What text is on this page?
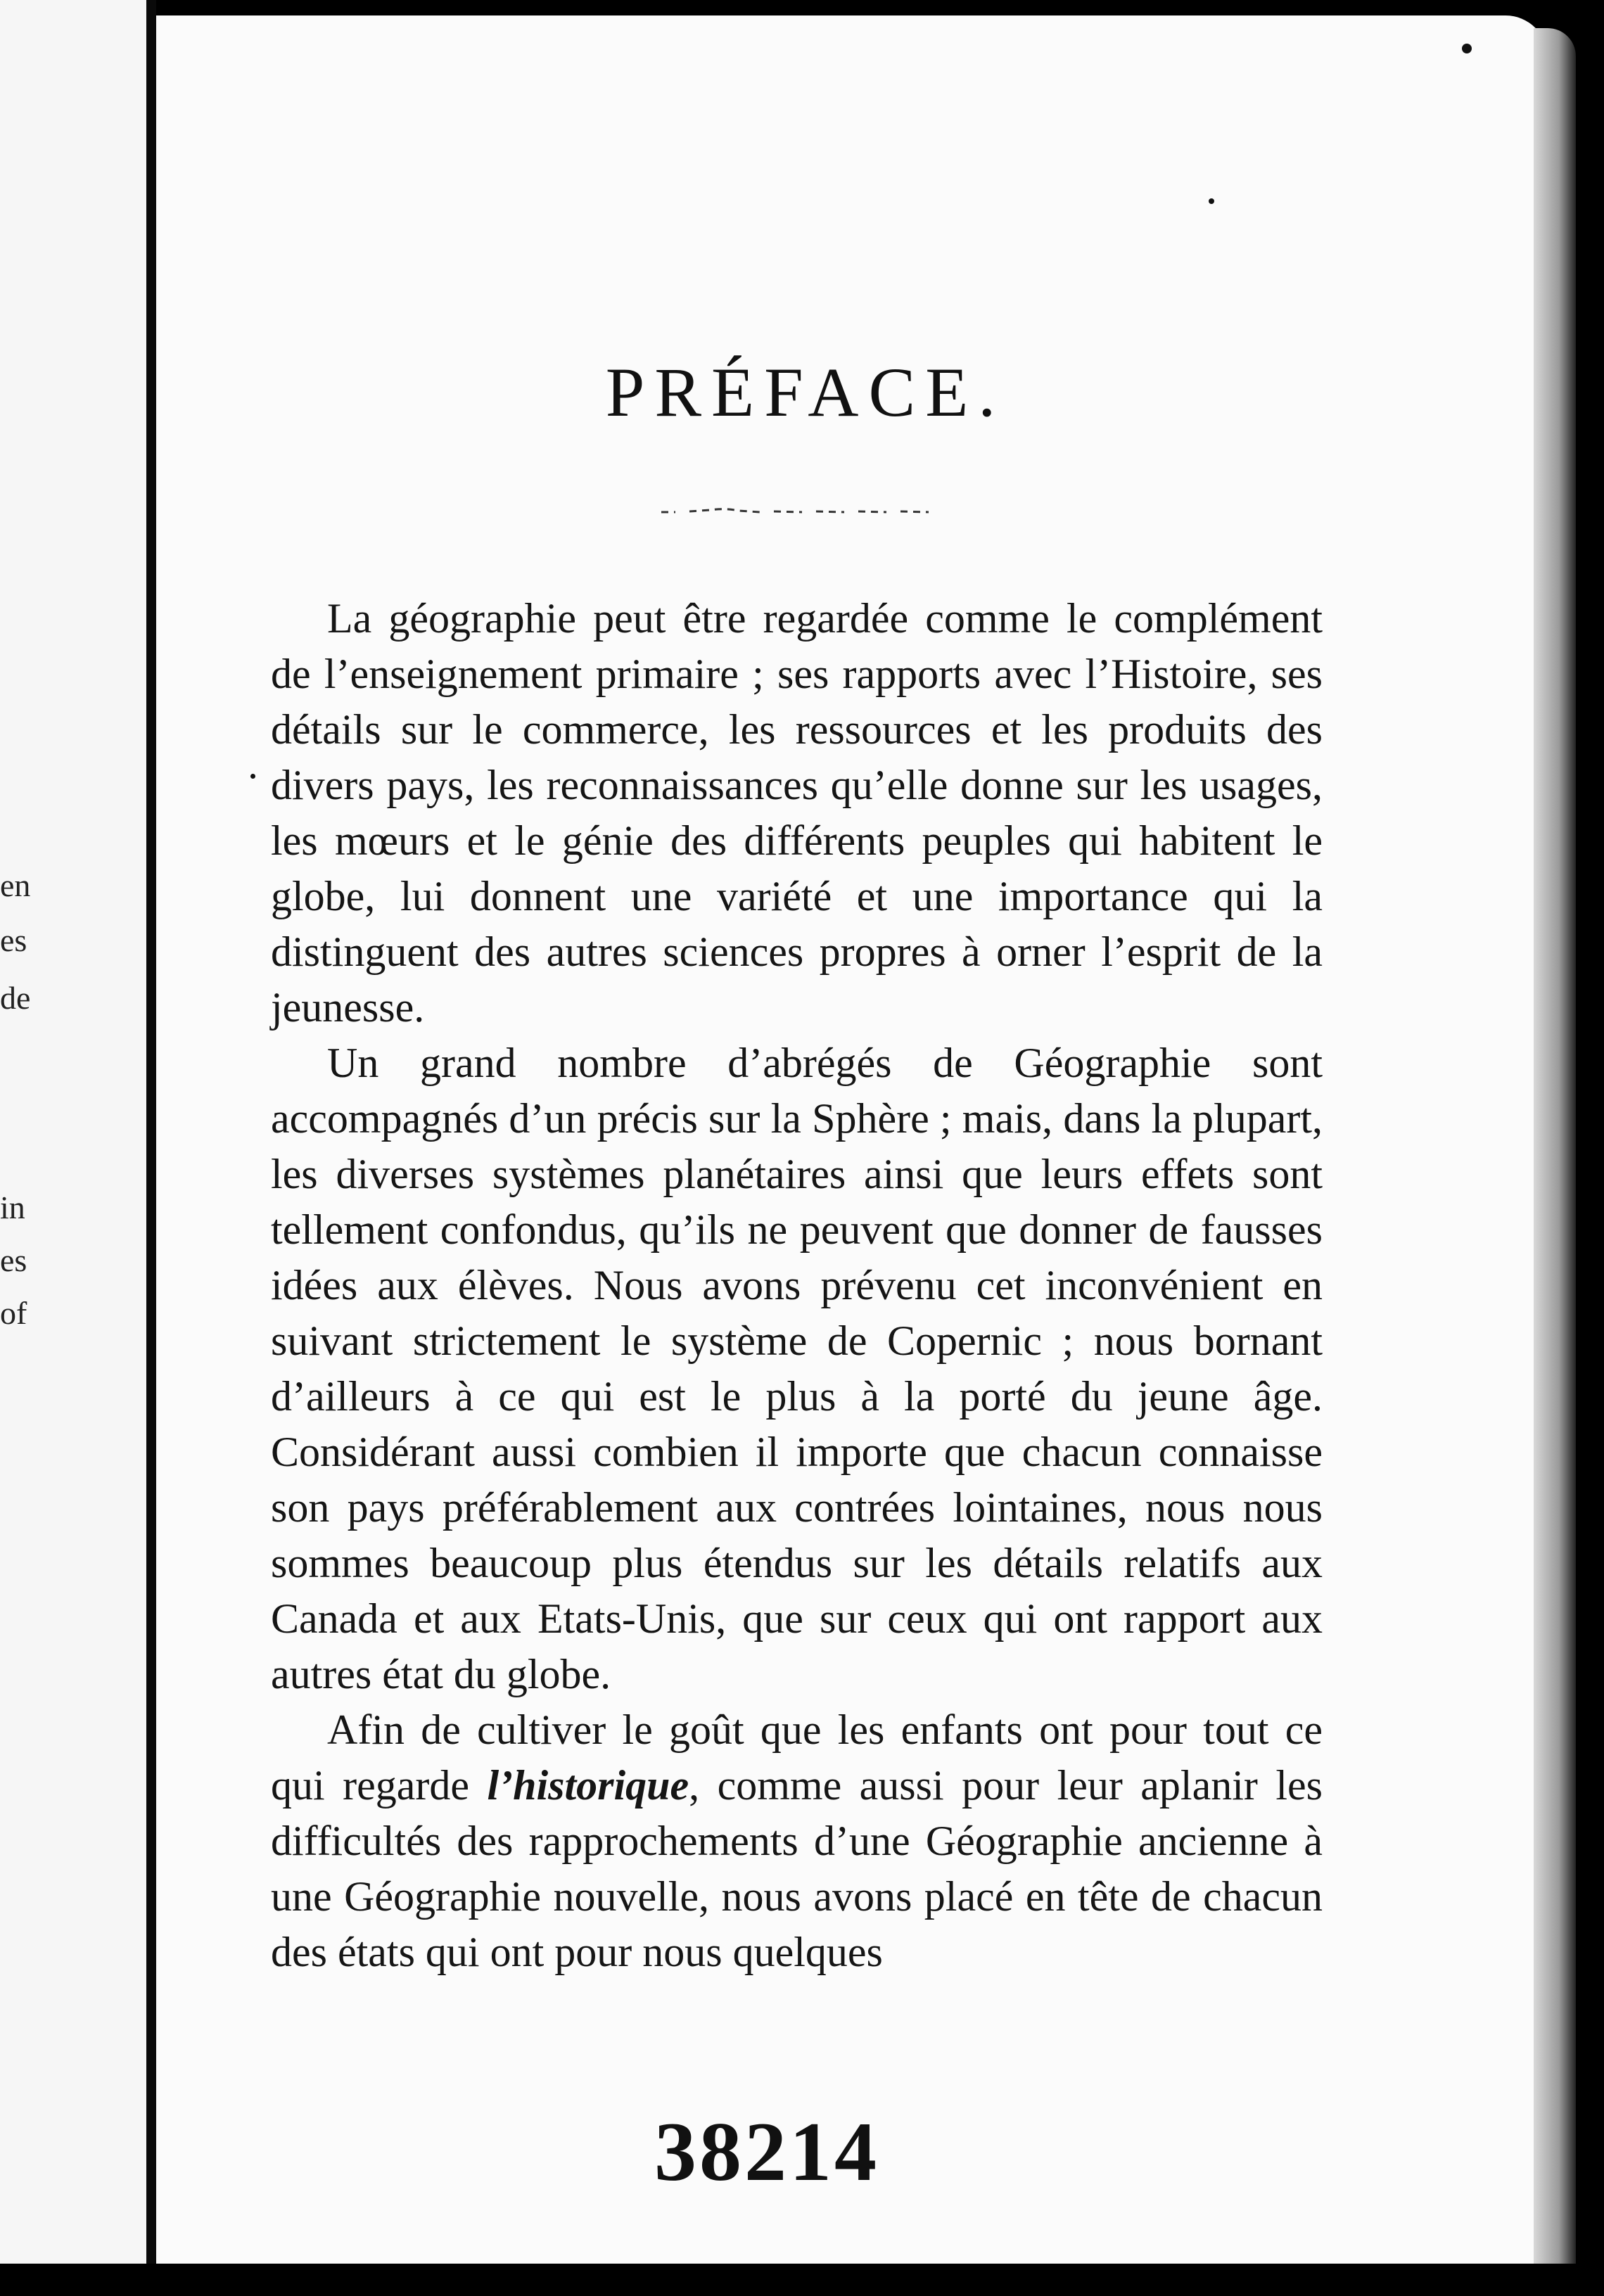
en
es
de
in
es
of
PRÉFACE.

La géographie peut être regardée comme le complément de l’enseignement primaire ; ses rapports avec l’Histoire, ses détails sur le commerce, les ressources et les produits des divers pays, les reconnaissances qu’elle donne sur les usages, les mœurs et le génie des différents peuples qui habitent le globe, lui donnent une variété et une importance qui la distinguent des autres sciences propres à orner l’esprit de la jeunesse.

Un grand nombre d’abrégés de Géographie sont accompagnés d’un précis sur la Sphère ; mais, dans la plupart, les diverses systèmes planétaires ainsi que leurs effets sont tellement confondus, qu’ils ne peuvent que donner de fausses idées aux élèves. Nous avons prévenu cet inconvénient en suivant strictement le système de Copernic ; nous bornant d’ailleurs à ce qui est le plus à la porté du jeune âge. Considérant aussi combien il importe que chacun connaisse son pays préférablement aux contrées lointaines, nous nous sommes beaucoup plus étendus sur les détails relatifs aux Canada et aux Etats-Unis, que sur ceux qui ont rapport aux autres état du globe.

Afin de cultiver le goût que les enfants ont pour tout ce qui regarde l’historique, comme aussi pour leur aplanir les difficultés des rapprochements d’une Géographie ancienne à une Géographie nouvelle, nous avons placé en tête de chacun des états qui ont pour nous quelques

38214
